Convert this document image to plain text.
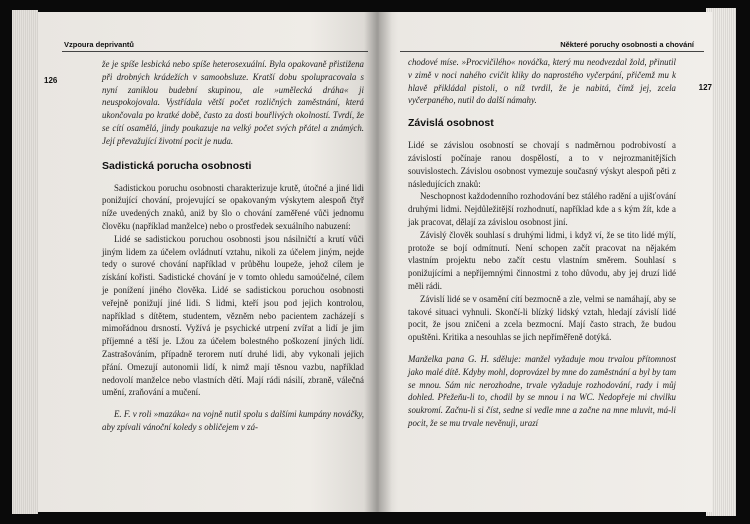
Vzpoura deprivantů
126

že je spíše lesbická nebo spíše heterosexuální. Byla opakovaně přistižena při drobných krádežích v samoobsluze. Kratší dobu spolupracovala s nyní zaniklou budební skupinou, ale »umělecká dráha« ji neuspokojovala. Vystřídala větší počet rozličných zaměstnání, která ukončovala po kratké době, často za dosti bouřlivých okolností. Tvrdí, že se cítí osamělá, jindy poukazuje na velký počet svých přátel a známých. Její převažující životní pocit je nuda.

Sadistická porucha osobnosti

Sadistickou poruchu osobnosti charakterizuje krutě, útočné a jiné lidi ponižující chování, projevující se opakovaným výskytem alespoň čtyř níže uvedených znaků, aniž by šlo o chování zaměřené vůči jednomu člověku (například manželce) nebo o prostředek sexuálního nabuzení:

Lidé se sadistickou poruchou osobnosti jsou násilničtí a krutí vůči jiným lidem za účelem ovládnutí vztahu, nikoli za účelem jiným, nejde tedy o surové chování například v průběhu loupeže, jehož cílem je získání kořisti. Sadistické chování je v tomto ohledu samoúčelné, cílem je ponížení jiného člověka. Lidé se sadistickou poruchou osobnosti veřejně ponižují jiné lidi. S lidmi, kteří jsou pod jejich kontrolou, například s dítětem, studentem, vězněm nebo pacientem zacházejí s mimořádnou drsností. Vyžívá je psychické utrpení zvířat a lidí je jim příjemné a těší je. Lžou za účelem bolestného poškození jiných lidí. Zastrašováním, případně terorem nutí druhé lidi, aby vykonali jejich přání. Omezují autonomii lidí, k nimž mají těsnou vazbu, například nedovolí manželce nebo vlastních dětí. Mají rádi násilí, zbraně, válečná umění, zraňování a mučení.

E. F. v roli »mazáka« na vojně nutil spolu s dalšími kumpány nováčky, aby zpívali vánoční koledy s obličejem v zá-

Některé poruchy osobnosti a chování
127

chodové míse. »Procvičilého« nováčka, který mu neodvezdal žold, přinutil v zimě v noci nahého cvičit kliky do naprostého vyčerpání, přičemž mu k hlavě přikládal pistoli, o níž tvrdil, že je nabitá, čímž jej, zcela vyčerpaného, nutil do další námahy.

Závislá osobnost

Lidé se závislou osobností se chovají s nadměrnou podrobivostí a závislostí počínaje ranou dospělostí, a to v nejrozmanitějších souvislostech. Závislou osobnost vymezuje současný výskyt alespoň pěti z následujících znaků:

Neschopnost každodenního rozhodování bez stálého radění a ujišťování druhými lidmi. Nejdůležitější rozhodnutí, například kde a s kým žít, kde a jak pracovat, dělají za závislou osobnost jiní.

Závislý člověk souhlasí s druhými lidmi, i když ví, že se tito lidé mýlí, protože se bojí odmítnutí. Není schopen začít pracovat na nějakém vlastním projektu nebo začít cestu vlastním směrem. Souhlasí s ponižujícími a nepříjemnými činnostmi z toho důvodu, aby jej druzí lidé měli rádi.

Závislí lidé se v osamění cítí bezmocně a zle, velmi se namáhají, aby se takové situaci vyhnuli. Skončí-li blízký lidský vztah, hledají závislí lidé pocit, že jsou zničeni a zcela bezmocní. Mají často strach, že budou opuštěni. Kritika a nesouhlas se jich nepříměřeně dotýká.

Manželka pana G. H. sděluje: manžel vyžaduje mou trvalou přítomnost jako malé dítě. Kdyby mohl, doprovázel by mne do zaměstnání a byl by tam se mnou. Sám nic nerozhodne, trvale vyžaduje rozhodování, rady i můj dohled. Přežeňu-li to, chodil by se mnou i na WC. Nedopřeje mi chvilku soukromí. Začnu-li si číst, sedne si vedle mne a začne na mne mluvit, má-li pocit, že se mu trvale nevěnuji, urazí
